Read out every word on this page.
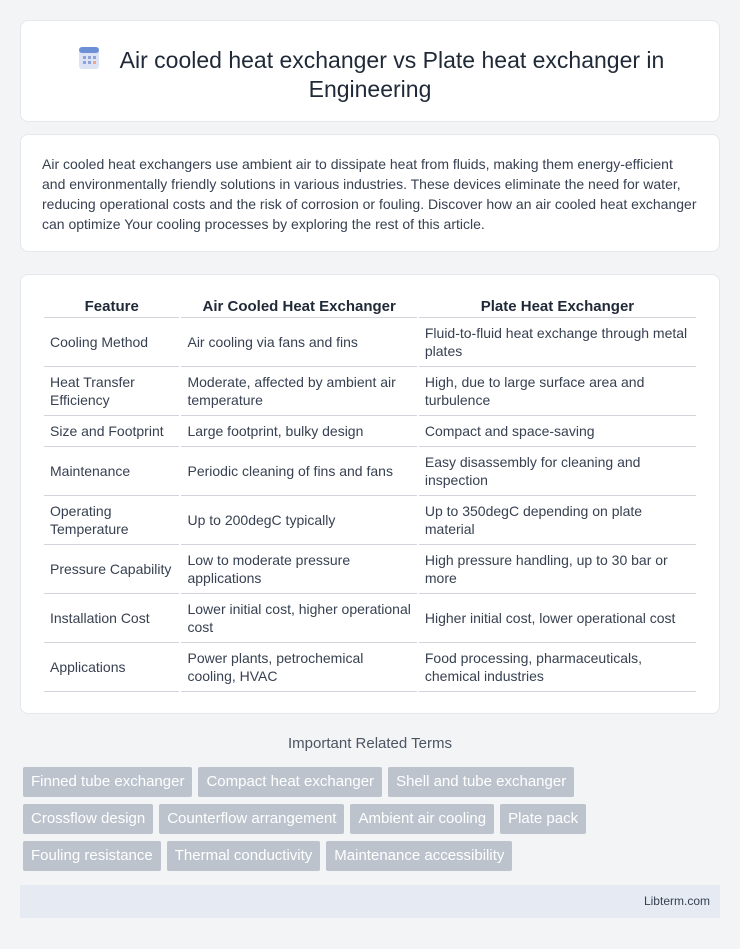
Air cooled heat exchanger vs Plate heat exchanger in Engineering

Air cooled heat exchangers use ambient air to dissipate heat from fluids, making them energy-efficient and environmentally friendly solutions in various industries. These devices eliminate the need for water, reducing operational costs and the risk of corrosion or fouling. Discover how an air cooled heat exchanger can optimize Your cooling processes by exploring the rest of this article.

Feature	Air Cooled Heat Exchanger	Plate Heat Exchanger
Cooling Method	Air cooling via fans and fins	Fluid-to-fluid heat exchange through metal plates
Heat Transfer Efficiency	Moderate, affected by ambient air temperature	High, due to large surface area and turbulence
Size and Footprint	Large footprint, bulky design	Compact and space-saving
Maintenance	Periodic cleaning of fins and fans	Easy disassembly for cleaning and inspection
Operating Temperature	Up to 200degC typically	Up to 350degC depending on plate material
Pressure Capability	Low to moderate pressure applications	High pressure handling, up to 30 bar or more
Installation Cost	Lower initial cost, higher operational cost	Higher initial cost, lower operational cost
Applications	Power plants, petrochemical cooling, HVAC	Food processing, pharmaceuticals, chemical industries
Important Related Terms
Finned tube exchanger	Compact heat exchanger	Shell and tube exchanger
Crossflow design	Counterflow arrangement	Ambient air cooling	Plate pack
Fouling resistance	Thermal conductivity	Maintenance accessibility
Libterm.com
